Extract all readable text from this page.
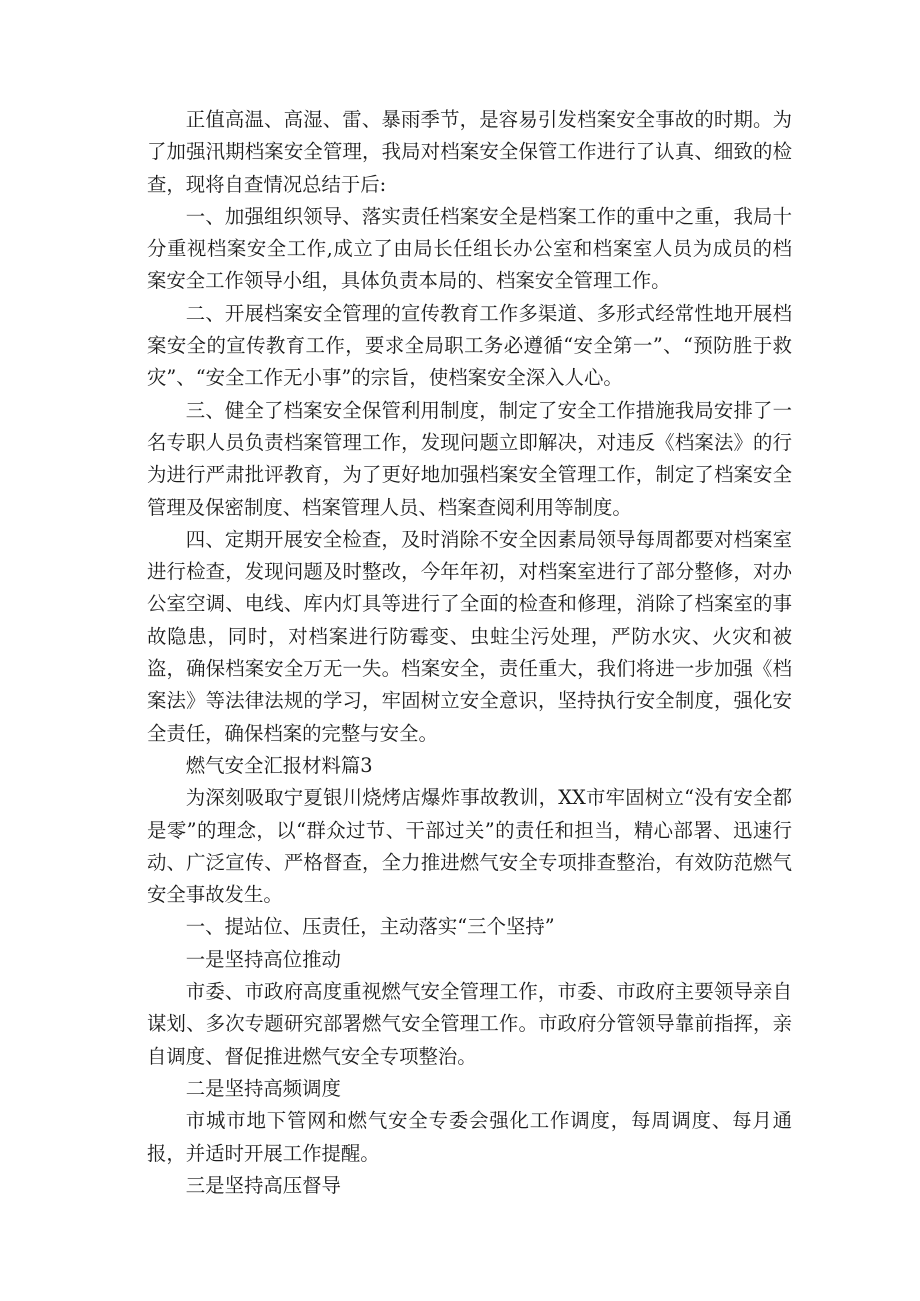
正值高温、高湿、雷、暴雨季节，是容易引发档案安全事故的时期。为了加强汛期档案安全管理，我局对档案安全保管工作进行了认真、细致的检查，现将自查情况总结于后:

一、加强组织领导、落实责任档案安全是档案工作的重中之重，我局十分重视档案安全工作,成立了由局长任组长办公室和档案室人员为成员的档案安全工作领导小组，具体负责本局的、档案安全管理工作。

二、开展档案安全管理的宣传教育工作多渠道、多形式经常性地开展档案安全的宣传教育工作，要求全局职工务必遵循“安全第一”、“预防胜于救灾”、“安全工作无小事”的宗旨，使档案安全深入人心。

三、健全了档案安全保管利用制度，制定了安全工作措施我局安排了一名专职人员负责档案管理工作，发现问题立即解决，对违反《档案法》的行为进行严肃批评教育，为了更好地加强档案安全管理工作，制定了档案安全管理及保密制度、档案管理人员、档案查阅利用等制度。

四、定期开展安全检查，及时消除不安全因素局领导每周都要对档案室进行检查，发现问题及时整改，今年年初，对档案室进行了部分整修，对办公室空调、电线、库内灯具等进行了全面的检查和修理，消除了档案室的事故隐患，同时，对档案进行防霉变、虫蛀尘污处理，严防水灾、火灾和被盗，确保档案安全万无一失。档案安全，责任重大，我们将进一步加强《档案法》等法律法规的学习，牢固树立安全意识，坚持执行安全制度，强化安全责任，确保档案的完整与安全。

燃气安全汇报材料篇3

为深刻吸取宁夏银川烧烤店爆炸事故教训，XX市牢固树立“没有安全都是零”的理念，以“群众过节、干部过关”的责任和担当，精心部署、迅速行动、广泛宣传、严格督查，全力推进燃气安全专项排查整治，有效防范燃气安全事故发生。

一、提站位、压责任，主动落实“三个坚持”

一是坚持高位推动

市委、市政府高度重视燃气安全管理工作，市委、市政府主要领导亲自谋划、多次专题研究部署燃气安全管理工作。市政府分管领导靠前指挥，亲自调度、督促推进燃气安全专项整治。

二是坚持高频调度

市城市地下管网和燃气安全专委会强化工作调度，每周调度、每月通报，并适时开展工作提醒。

三是坚持高压督导
